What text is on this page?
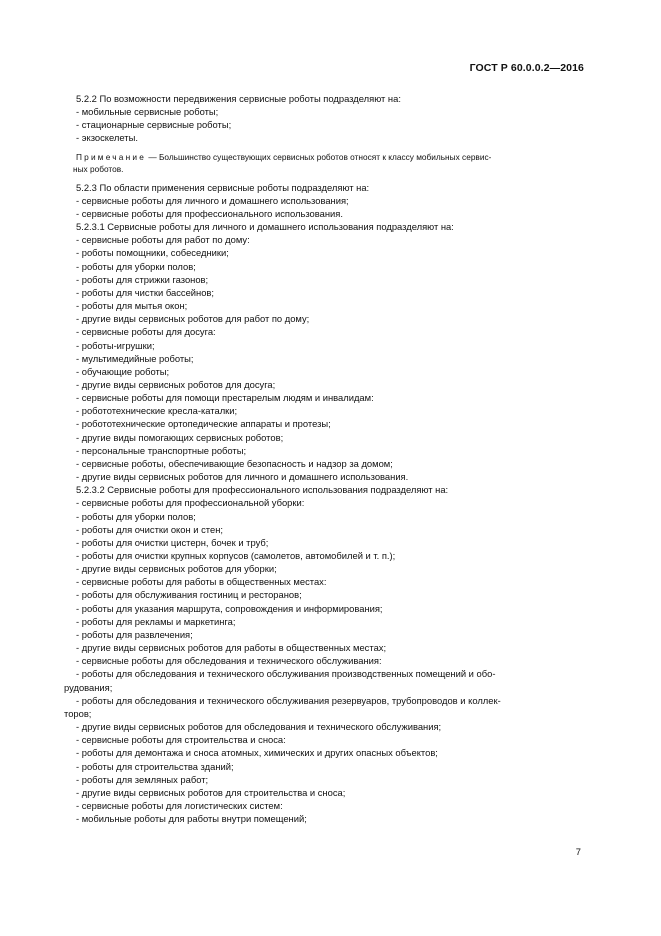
ГОСТ Р 60.0.0.2—2016
5.2.2 По возможности передвижения сервисные роботы подразделяют на:
- мобильные сервисные роботы;
- стационарные сервисные роботы;
- экзоскелеты.
Примечание — Большинство существующих сервисных роботов относят к классу мобильных сервис-
ных роботов.
5.2.3 По области применения сервисные роботы подразделяют на:
- сервисные роботы для личного и домашнего использования;
- сервисные роботы для профессионального использования.
5.2.3.1 Сервисные роботы для личного и домашнего использования подразделяют на:
- сервисные роботы для работ по дому:
- роботы помощники, собеседники;
- роботы для уборки полов;
- роботы для стрижки газонов;
- роботы для чистки бассейнов;
- роботы для мытья окон;
- другие виды сервисных роботов для работ по дому;
- сервисные роботы для досуга:
- роботы-игрушки;
- мультимедийные роботы;
- обучающие роботы;
- другие виды сервисных роботов для досуга;
- сервисные роботы для помощи престарелым людям и инвалидам:
- робототехнические кресла-каталки;
- робототехнические ортопедические аппараты и протезы;
- другие виды помогающих сервисных роботов;
- персональные транспортные роботы;
- сервисные роботы, обеспечивающие безопасность и надзор за домом;
- другие виды сервисных роботов для личного и домашнего использования.
5.2.3.2 Сервисные роботы для профессионального использования подразделяют на:
- сервисные роботы для профессиональной уборки:
- роботы для уборки полов;
- роботы для очистки окон и стен;
- роботы для очистки цистерн, бочек и труб;
- роботы для очистки крупных корпусов (самолетов, автомобилей и т. п.);
- другие виды сервисных роботов для уборки;
- сервисные роботы для работы в общественных местах:
- роботы для обслуживания гостиниц и ресторанов;
- роботы для указания маршрута, сопровождения и информирования;
- роботы для рекламы и маркетинга;
- роботы для развлечения;
- другие виды сервисных роботов для работы в общественных местах;
- сервисные роботы для обследования и технического обслуживания:
- роботы для обследования и технического обслуживания производственных помещений и обо-
рудования;
- роботы для обследования и технического обслуживания резервуаров, трубопроводов и коллек-
торов;
- другие виды сервисных роботов для обследования и технического обслуживания;
- сервисные роботы для строительства и сноса:
- роботы для демонтажа и сноса атомных, химических и других опасных объектов;
- роботы для строительства зданий;
- роботы для земляных работ;
- другие виды сервисных роботов для строительства и сноса;
- сервисные роботы для логистических систем:
- мобильные роботы для работы внутри помещений;
7
